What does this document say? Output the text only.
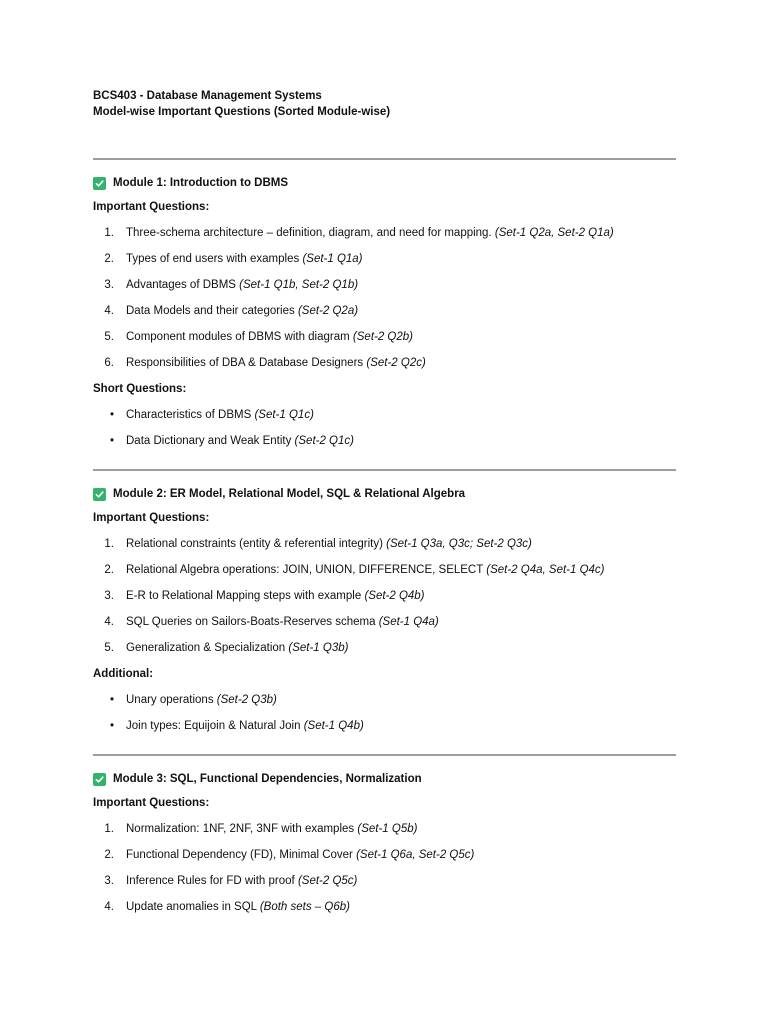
BCS403 - Database Management Systems
Model-wise Important Questions (Sorted Module-wise)
Module 1: Introduction to DBMS
Important Questions:
1.	Three-schema architecture – definition, diagram, and need for mapping. (Set-1 Q2a, Set-2 Q1a)
2.	Types of end users with examples (Set-1 Q1a)
3.	Advantages of DBMS (Set-1 Q1b, Set-2 Q1b)
4.	Data Models and their categories (Set-2 Q2a)
5.	Component modules of DBMS with diagram (Set-2 Q2b)
6.	Responsibilities of DBA & Database Designers (Set-2 Q2c)
Short Questions:
•	Characteristics of DBMS (Set-1 Q1c)
•	Data Dictionary and Weak Entity (Set-2 Q1c)
Module 2: ER Model, Relational Model, SQL & Relational Algebra
Important Questions:
1.	Relational constraints (entity & referential integrity) (Set-1 Q3a, Q3c; Set-2 Q3c)
2.	Relational Algebra operations: JOIN, UNION, DIFFERENCE, SELECT (Set-2 Q4a, Set-1 Q4c)
3.	E-R to Relational Mapping steps with example (Set-2 Q4b)
4.	SQL Queries on Sailors-Boats-Reserves schema (Set-1 Q4a)
5.	Generalization & Specialization (Set-1 Q3b)
Additional:
•	Unary operations (Set-2 Q3b)
•	Join types: Equijoin & Natural Join (Set-1 Q4b)
Module 3: SQL, Functional Dependencies, Normalization
Important Questions:
1.	Normalization: 1NF, 2NF, 3NF with examples (Set-1 Q5b)
2.	Functional Dependency (FD), Minimal Cover (Set-1 Q6a, Set-2 Q5c)
3.	Inference Rules for FD with proof (Set-2 Q5c)
4.	Update anomalies in SQL (Both sets – Q6b)
